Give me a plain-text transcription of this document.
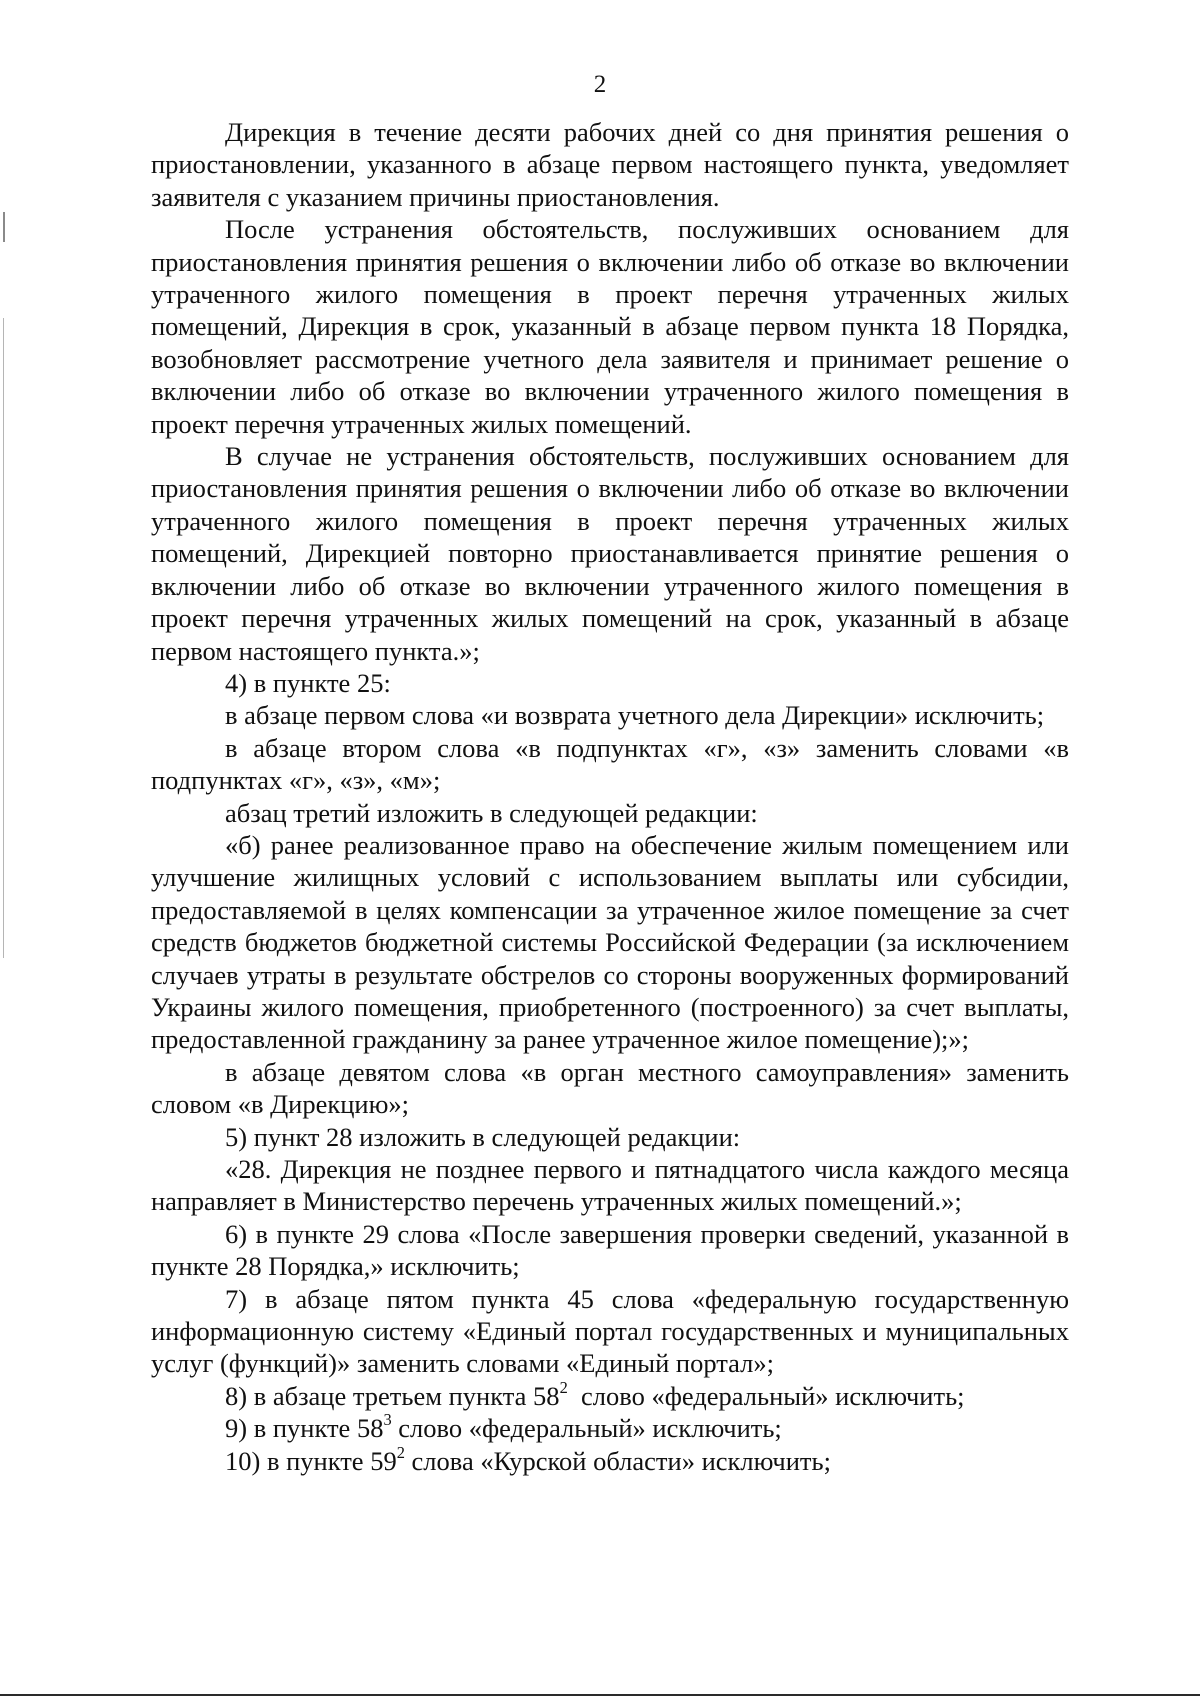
2

Дирекция в течение десяти рабочих дней со дня принятия решения о приостановлении, указанного в абзаце первом настоящего пункта, уведомляет заявителя с указанием причины приостановления.

После устранения обстоятельств, послуживших основанием для приостановления принятия решения о включении либо об отказе во включении утраченного жилого помещения в проект перечня утраченных жилых помещений, Дирекция в срок, указанный в абзаце первом пункта 18 Порядка, возобновляет рассмотрение учетного дела заявителя и принимает решение о включении либо об отказе во включении утраченного жилого помещения в проект перечня утраченных жилых помещений.

В случае не устранения обстоятельств, послуживших основанием для приостановления принятия решения о включении либо об отказе во включении утраченного жилого помещения в проект перечня утраченных жилых помещений, Дирекцией повторно приостанавливается принятие решения о включении либо об отказе во включении утраченного жилого помещения в проект перечня утраченных жилых помещений на срок, указанный в абзаце первом настоящего пункта.»;

4) в пункте 25:

в абзаце первом слова «и возврата учетного дела Дирекции» исключить;

в абзаце втором слова «в подпунктах «г», «з» заменить словами «в подпунктах «г», «з», «м»;

абзац третий изложить в следующей редакции:

«б) ранее реализованное право на обеспечение жилым помещением или улучшение жилищных условий с использованием выплаты или субсидии, предоставляемой в целях компенсации за утраченное жилое помещение за счет средств бюджетов бюджетной системы Российской Федерации (за исключением случаев утраты в результате обстрелов со стороны вооруженных формирований Украины жилого помещения, приобретенного (построенного) за счет выплаты, предоставленной гражданину за ранее утраченное жилое помещение);»;

в абзаце девятом слова «в орган местного самоуправления» заменить словом «в Дирекцию»;

5) пункт 28 изложить в следующей редакции:

«28. Дирекция не позднее первого и пятнадцатого числа каждого месяца направляет в Министерство перечень утраченных жилых помещений.»;

6) в пункте 29 слова «После завершения проверки сведений, указанной в пункте 28 Порядка,» исключить;

7) в абзаце пятом пункта 45 слова «федеральную государственную информационную систему «Единый портал государственных и муниципальных услуг (функций)» заменить словами «Единый портал»;

8) в абзаце третьем пункта $58^2$  слово «федеральный» исключить;

9) в пункте $58^3$ слово «федеральный» исключить;

10) в пункте $59^2$ слова «Курской области» исключить;
